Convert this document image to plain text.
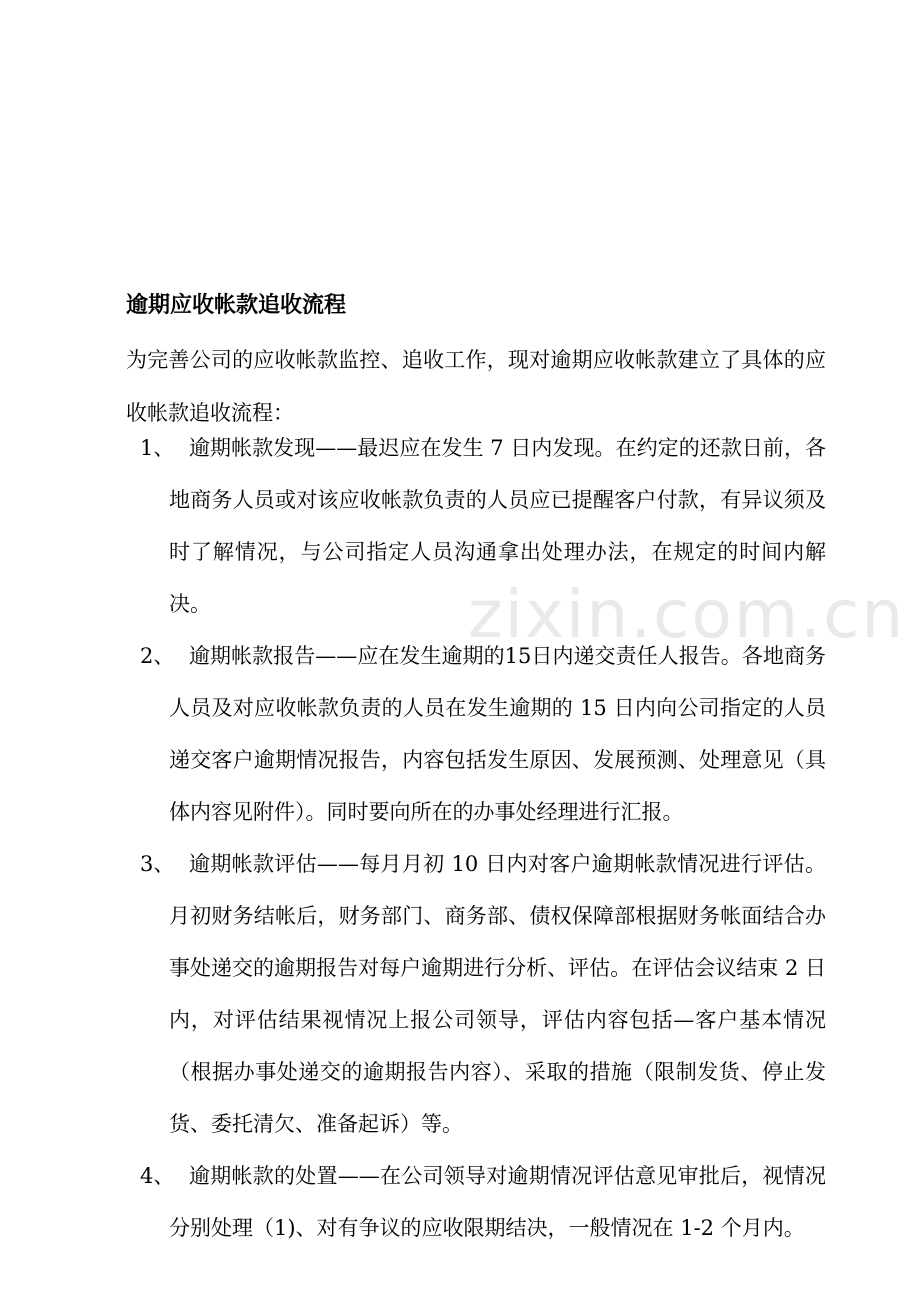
zixin.com.cn
逾期应收帐款追收流程
为完善公司的应收帐款监控、追收工作，现对逾期应收帐款建立了具体的应收帐款追收流程：
1、 逾期帐款发现——最迟应在发生 7 日内发现。在约定的还款日前，各地商务人员或对该应收帐款负责的人员应已提醒客户付款，有异议须及时了解情况，与公司指定人员沟通拿出处理办法，在规定的时间内解决。
2、 逾期帐款报告——应在发生逾期的15日内递交责任人报告。各地商务人员及对应收帐款负责的人员在发生逾期的 15 日内向公司指定的人员递交客户逾期情况报告，内容包括发生原因、发展预测、处理意见（具体内容见附件）。同时要向所在的办事处经理进行汇报。
3、 逾期帐款评估——每月月初 10 日内对客户逾期帐款情况进行评估。月初财务结帐后，财务部门、商务部、债权保障部根据财务帐面结合办事处递交的逾期报告对每户逾期进行分析、评估。在评估会议结束 2 日内，对评估结果视情况上报公司领导，评估内容包括—客户基本情况（根据办事处递交的逾期报告内容）、采取的措施（限制发货、停止发货、委托清欠、准备起诉）等。
4、 逾期帐款的处置——在公司领导对逾期情况评估意见审批后，视情况分别处理（1)、对有争议的应收限期结决，一般情况在 1-2 个月内。
